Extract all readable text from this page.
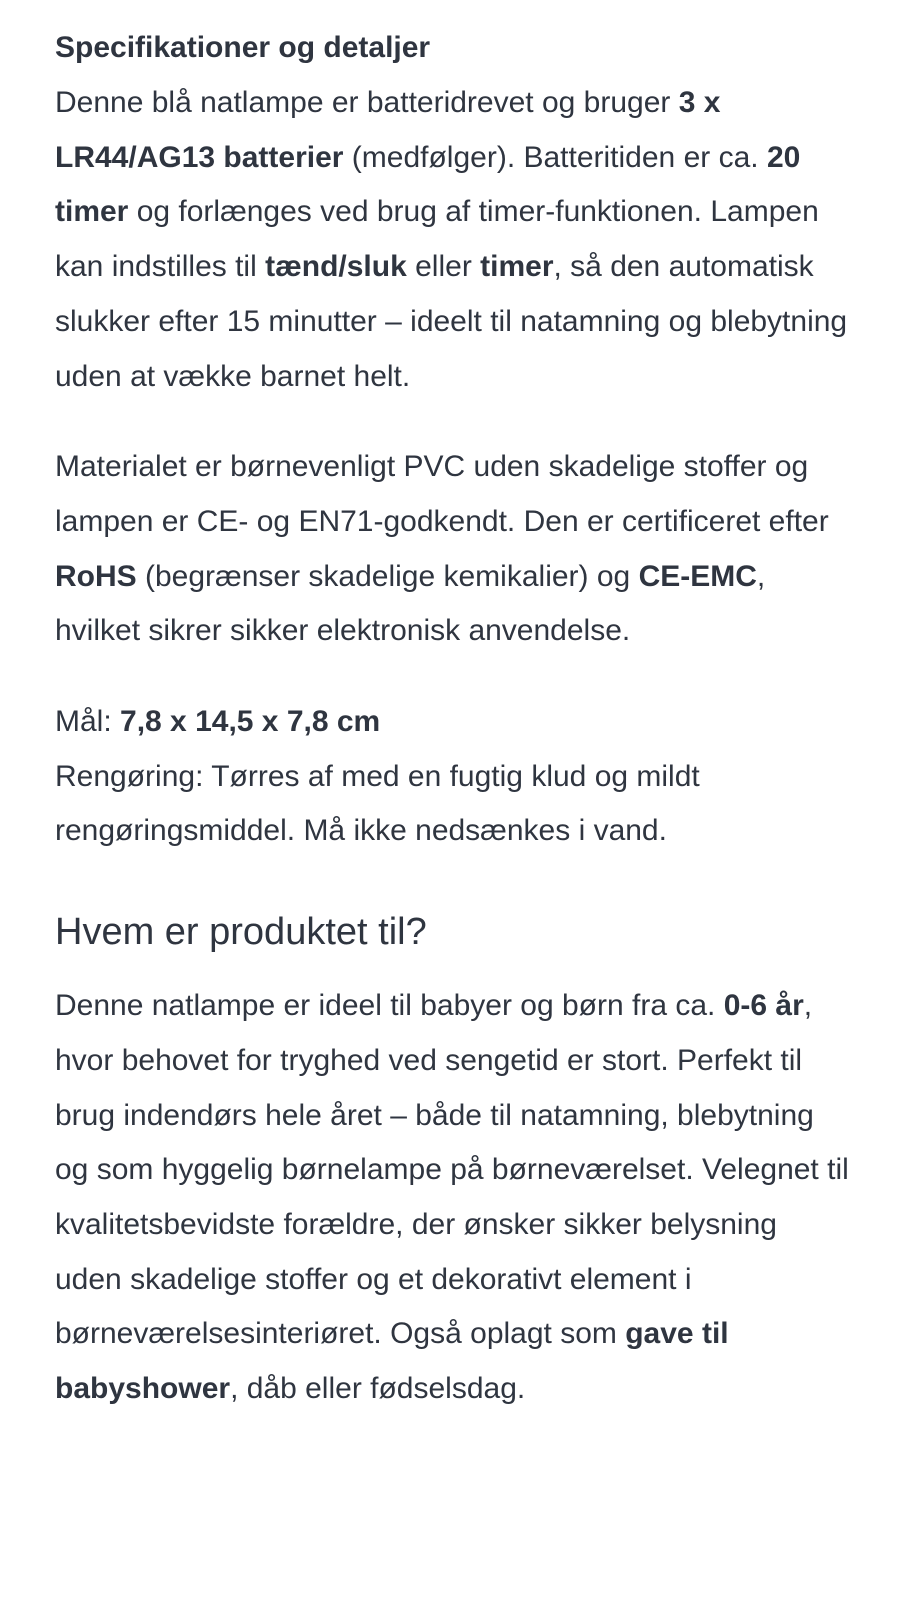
Specifikationer og detaljer

Denne blå natlampe er batteridrevet og bruger 3 x LR44/AG13 batterier (medfølger). Batteritiden er ca. 20 timer og forlænges ved brug af timer-funktionen. Lampen kan indstilles til tænd/sluk eller timer, så den automatisk slukker efter 15 minutter – ideelt til natamning og blebytning uden at vække barnet helt.

Materialet er børnevenligt PVC uden skadelige stoffer og lampen er CE- og EN71-godkendt. Den er certificeret efter RoHS (begrænser skadelige kemikalier) og CE-EMC, hvilket sikrer sikker elektronisk anvendelse.

Mål: 7,8 x 14,5 x 7,8 cm

Rengøring: Tørres af med en fugtig klud og mildt rengøringsmiddel. Må ikke nedsænkes i vand.

Hvem er produktet til?

Denne natlampe er ideel til babyer og børn fra ca. 0-6 år, hvor behovet for tryghed ved sengetid er stort. Perfekt til brug indendørs hele året – både til natamning, blebytning og som hyggelig børnelampe på børneværelset. Velegnet til kvalitetsbevidste forældre, der ønsker sikker belysning uden skadelige stoffer og et dekorativt element i børneværelsesinteriøret. Også oplagt som gave til babyshower, dåb eller fødselsdag.
